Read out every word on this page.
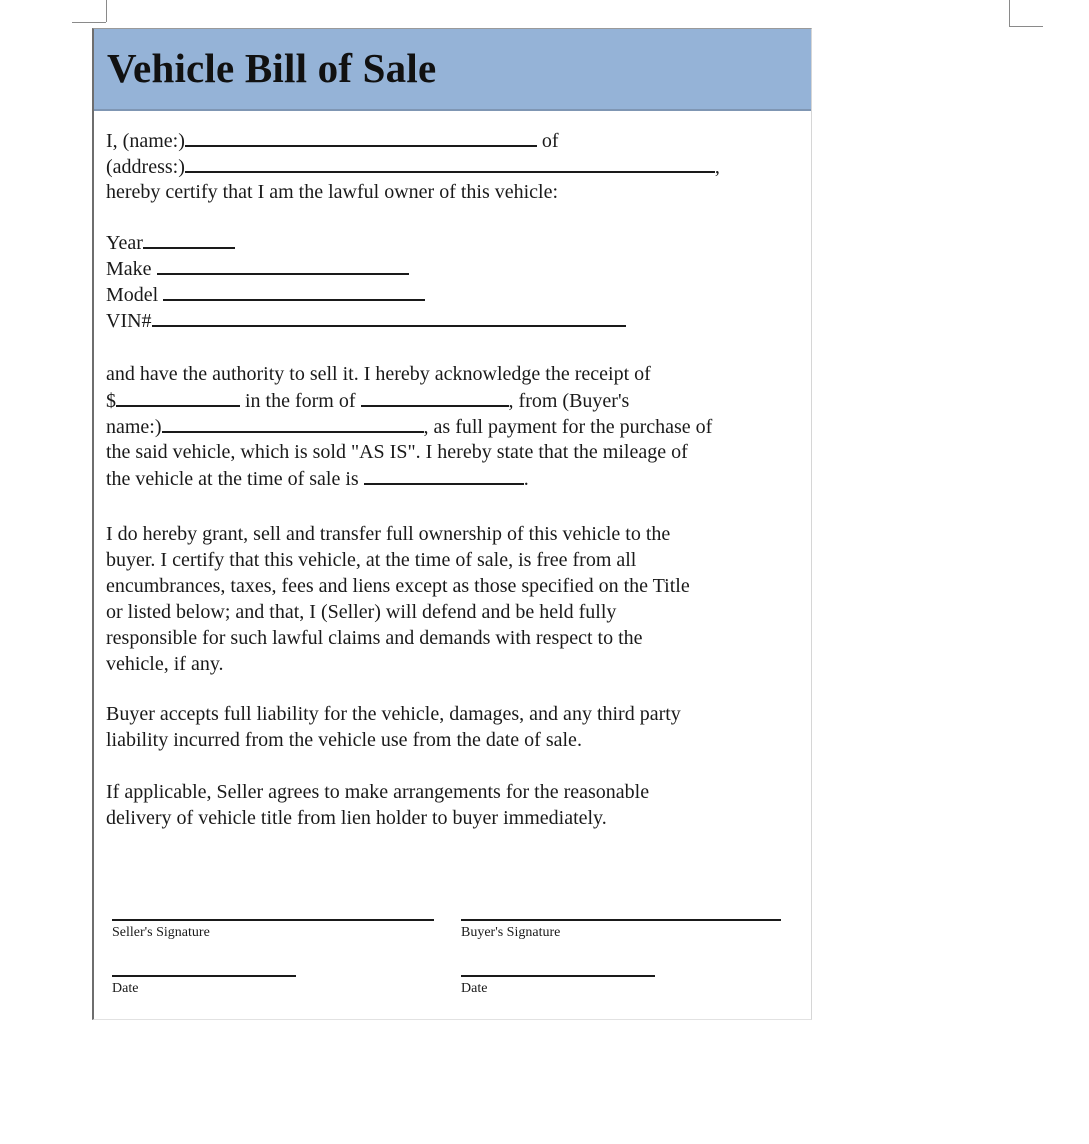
Vehicle Bill of Sale
I, (name:)	of
(address:)	,
hereby certify that I am the lawful owner of this vehicle:
Year
Make
Model
VIN#
and have the authority to sell it. I hereby acknowledge the receipt of
$	in the form of	, from (Buyer's
name:)	, as full payment for the purchase of
the said vehicle, which is sold "AS IS". I hereby state that the mileage of
the vehicle at the time of sale is	.
I do hereby grant, sell and transfer full ownership of this vehicle to the
buyer. I certify that this vehicle, at the time of sale, is free from all
encumbrances, taxes, fees and liens except as those specified on the Title
or listed below; and that, I (Seller) will defend and be held fully
responsible for such lawful claims and demands with respect to the
vehicle, if any.
Buyer accepts full liability for the vehicle, damages, and any third party
liability incurred from the vehicle use from the date of sale.
If applicable, Seller agrees to make arrangements for the reasonable
delivery of vehicle title from lien holder to buyer immediately.
Seller's Signature	Buyer's Signature
Date	Date
